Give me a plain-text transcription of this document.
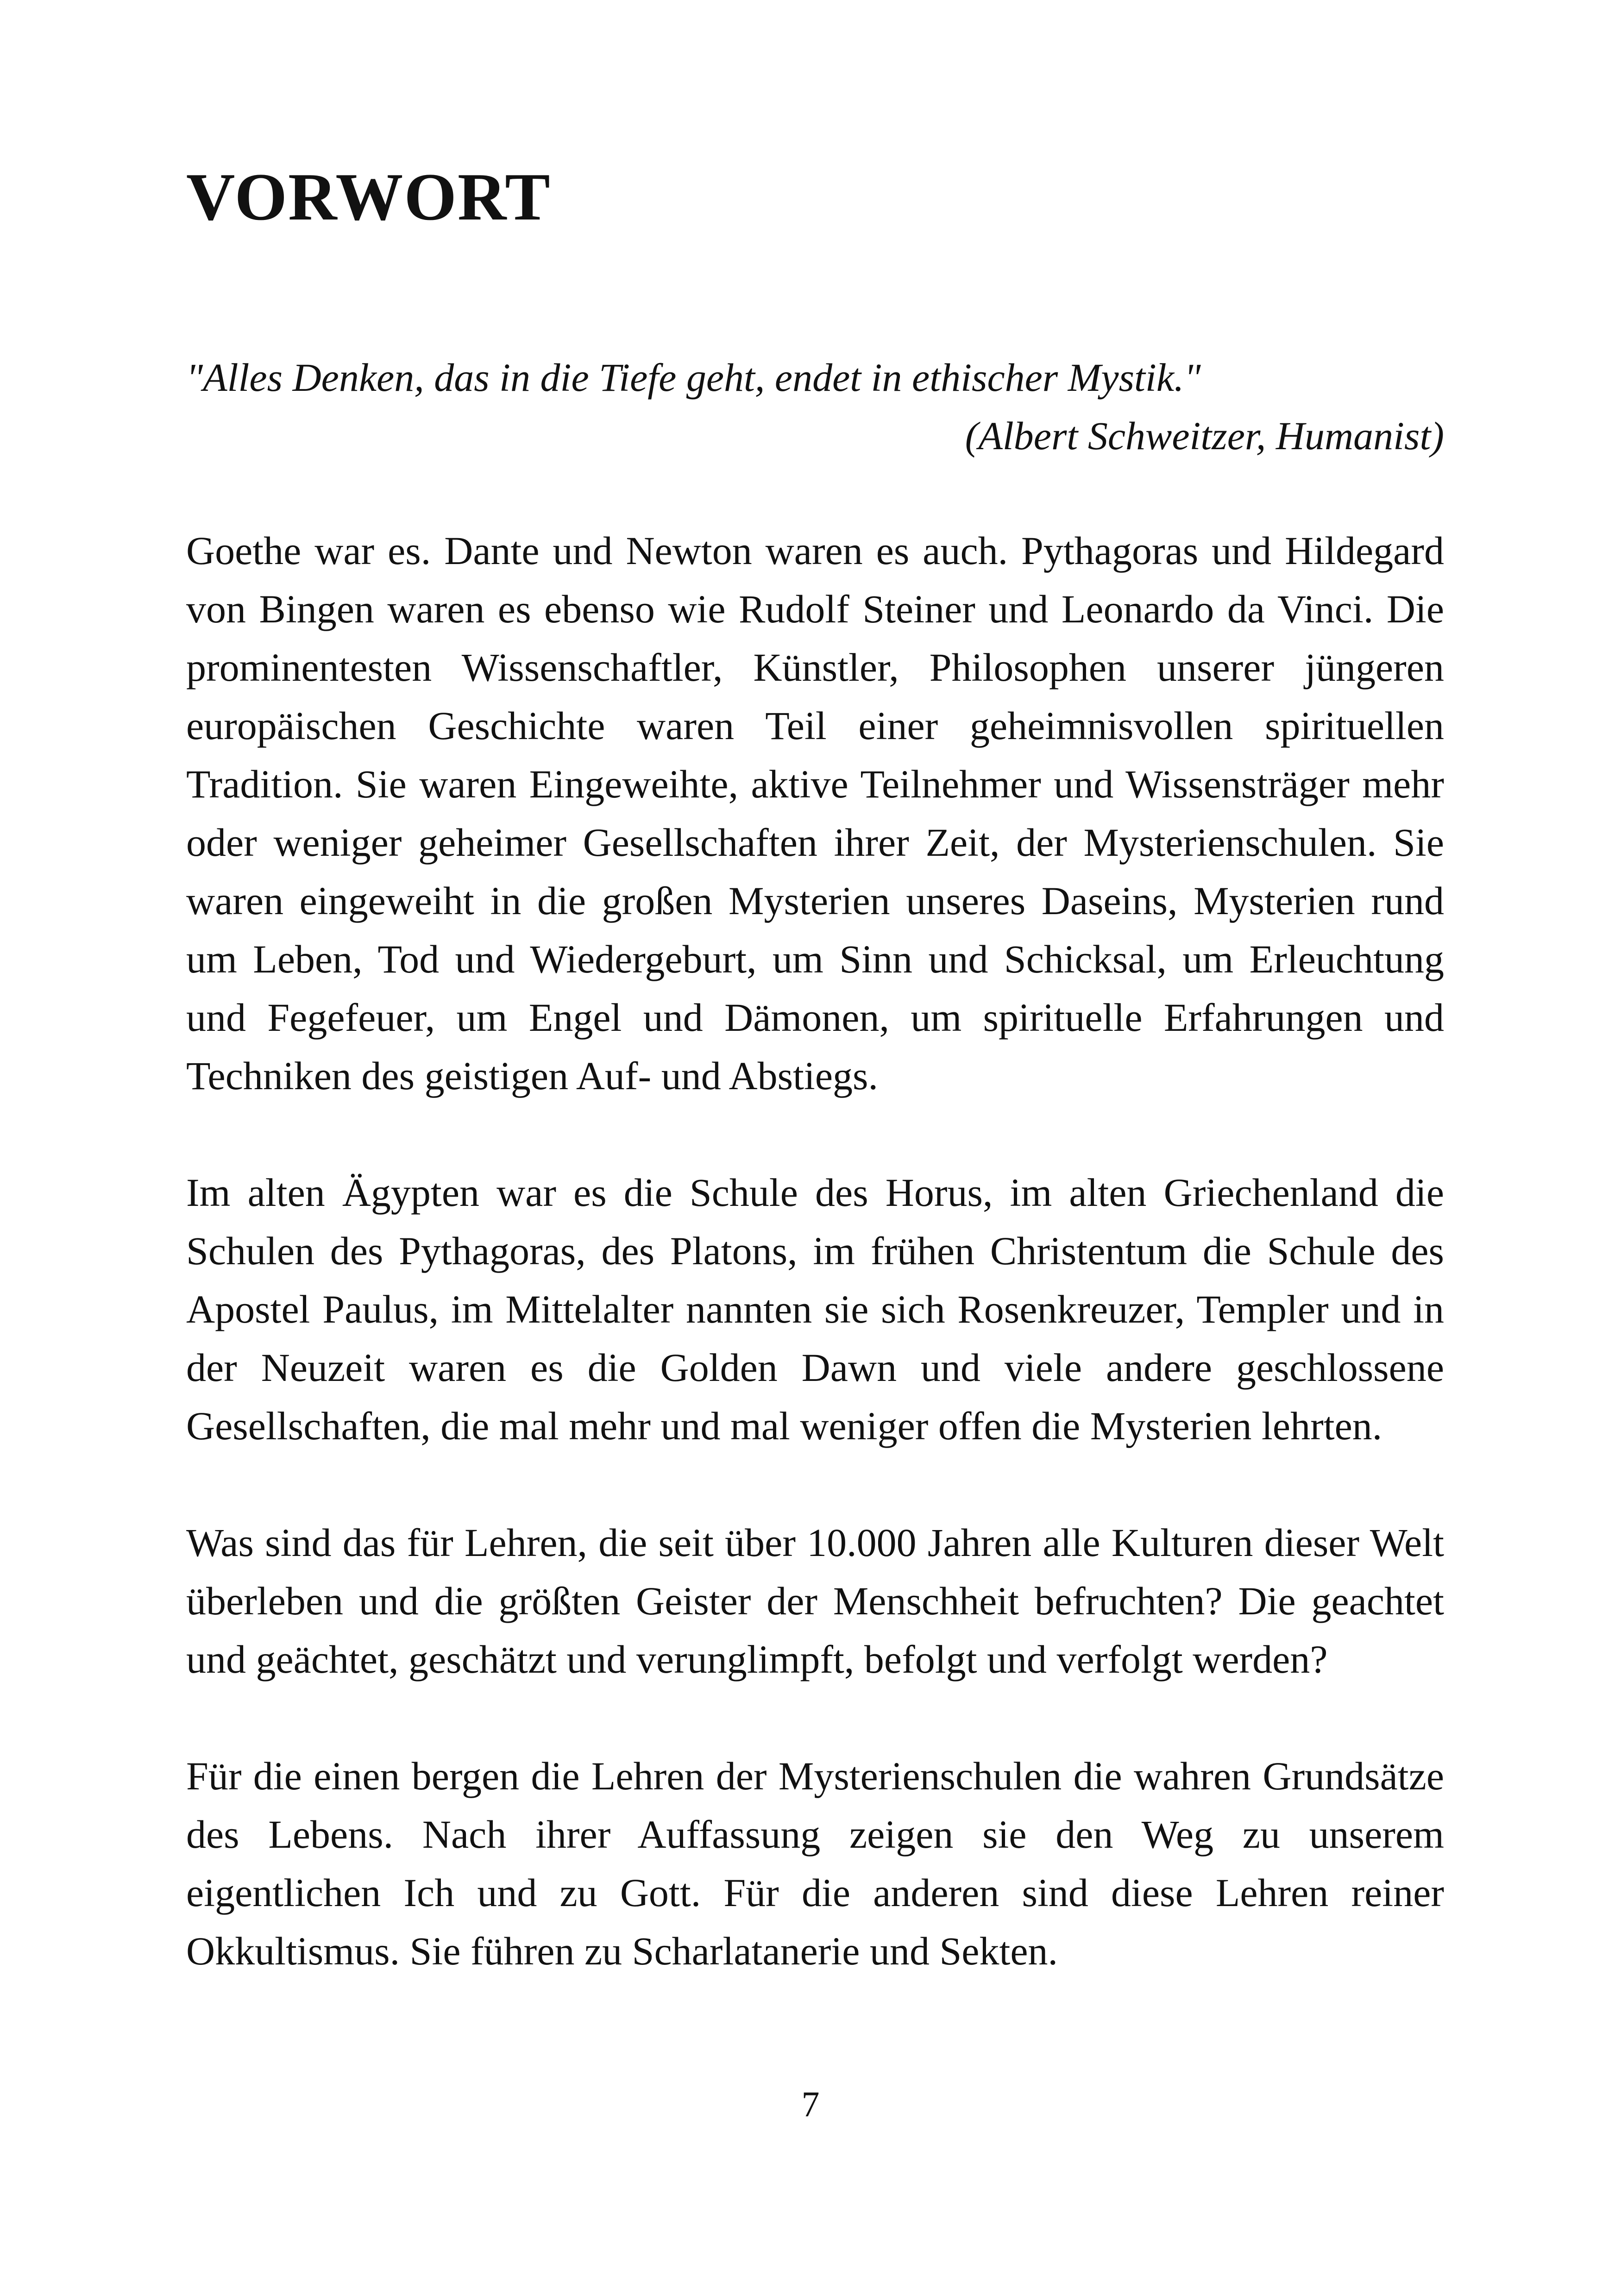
VORWORT
"Alles Denken, das in die Tiefe geht, endet in ethischer Mystik."
(Albert Schweitzer, Humanist)

Goethe war es. Dante und Newton waren es auch. Pythagoras und Hildegard von Bingen waren es ebenso wie Rudolf Steiner und Leonardo da Vinci. Die prominentesten Wissenschaftler, Künstler, Philosophen unserer jüngeren europäischen Geschichte waren Teil einer geheimnisvollen spirituellen Tradition. Sie waren Eingeweihte, aktive Teilnehmer und Wissensträger mehr oder weniger geheimer Gesellschaften ihrer Zeit, der Mysterienschulen. Sie waren eingeweiht in die großen Mysterien unseres Daseins, Mysterien rund um Leben, Tod und Wiedergeburt, um Sinn und Schicksal, um Erleuchtung und Fegefeuer, um Engel und Dämonen, um spirituelle Erfahrungen und Techniken des geistigen Auf- und Abstiegs.

Im alten Ägypten war es die Schule des Horus, im alten Griechenland die Schulen des Pythagoras, des Platons, im frühen Christentum die Schule des Apostel Paulus, im Mittelalter nannten sie sich Rosenkreuzer, Templer und in der Neuzeit waren es die Golden Dawn und viele andere geschlossene Gesellschaften, die mal mehr und mal weniger offen die Mysterien lehrten.

Was sind das für Lehren, die seit über 10.000 Jahren alle Kulturen dieser Welt überleben und die größten Geister der Menschheit befruchten? Die geachtet und geächtet, geschätzt und verunglimpft, befolgt und verfolgt werden?

Für die einen bergen die Lehren der Mysterienschulen die wahren Grundsätze des Lebens. Nach ihrer Auffassung zeigen sie den Weg zu unserem eigentlichen Ich und zu Gott. Für die anderen sind diese Lehren reiner Okkultismus. Sie führen zu Scharlatanerie und Sekten.

7
